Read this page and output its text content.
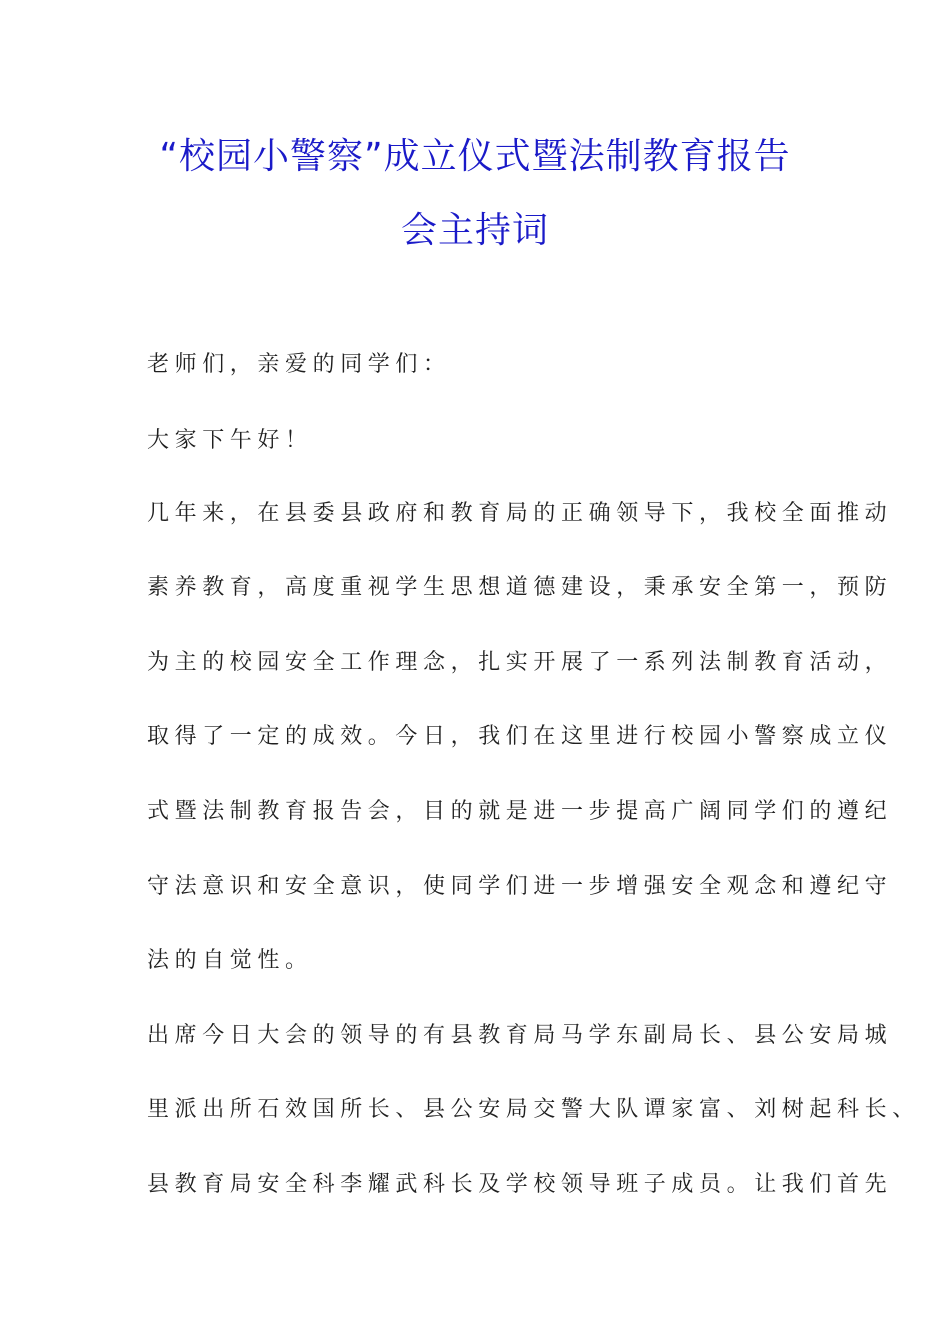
“校园小警察”成立仪式暨法制教育报告
会主持词
老师们，亲爱的同学们：
大家下午好！
几年来，在县委县政府和教育局的正确领导下，我校全面推动
素养教育，高度重视学生思想道德建设，秉承安全第一，预防
为主的校园安全工作理念，扎实开展了一系列法制教育活动，
取得了一定的成效。今日，我们在这里进行校园小警察成立仪
式暨法制教育报告会，目的就是进一步提高广阔同学们的遵纪
守法意识和安全意识，使同学们进一步增强安全观念和遵纪守
法的自觉性。
出席今日大会的领导的有县教育局马学东副局长、县公安局城
里派出所石效国所长、县公安局交警大队谭家富、刘树起科长、
县教育局安全科李耀武科长及学校领导班子成员。让我们首先
